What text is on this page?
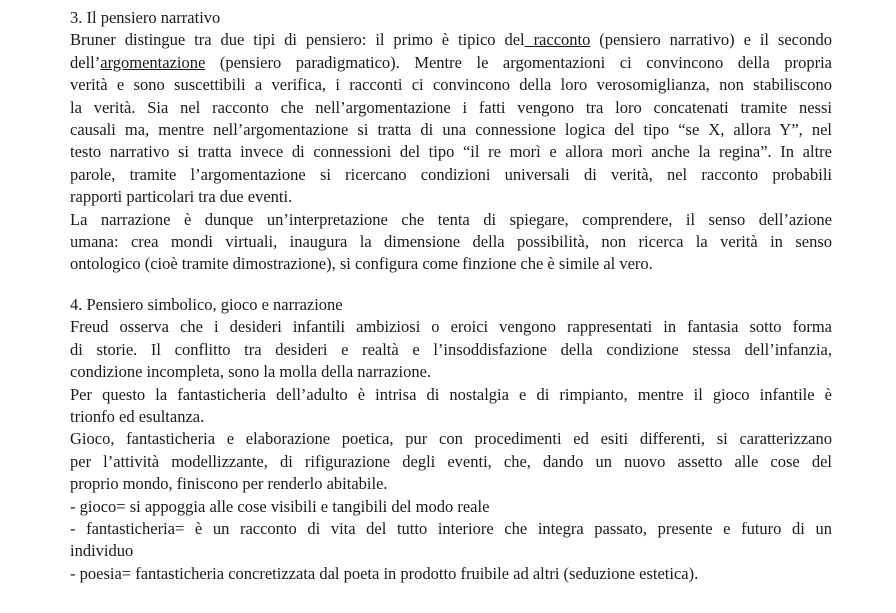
3. Il pensiero narrativo
Bruner distingue tra due tipi di pensiero: il primo è tipico del racconto (pensiero narrativo) e il secondo
dell’argomentazione (pensiero paradigmatico). Mentre le argomentazioni ci convincono della propria
verità e sono suscettibili a verifica, i racconti ci convincono della loro verosomiglianza, non stabiliscono
la verità. Sia nel racconto che nell’argomentazione i fatti vengono tra loro concatenati tramite nessi
causali ma, mentre nell’argomentazione si tratta di una connessione logica del tipo “se X, allora Y”, nel
testo narrativo si tratta invece di connessioni del tipo “il re morì e allora morì anche la regina”. In altre
parole, tramite l’argomentazione si ricercano condizioni universali di verità, nel racconto probabili
rapporti particolari tra due eventi.
La narrazione è dunque un’interpretazione che tenta di spiegare, comprendere, il senso dell’azione
umana: crea mondi virtuali, inaugura la dimensione della possibilità, non ricerca la verità in senso
ontologico (cioè tramite dimostrazione), si configura come finzione che è simile al vero.
4. Pensiero simbolico, gioco e narrazione
Freud osserva che i desideri infantili ambiziosi o eroici vengono rappresentati in fantasia sotto forma
di storie. Il conflitto tra desideri e realtà e l’insoddisfazione della condizione stessa dell’infanzia,
condizione incompleta, sono la molla della narrazione.
Per questo la fantasticheria dell’adulto è intrisa di nostalgia e di rimpianto, mentre il gioco infantile è
trionfo ed esultanza.
Gioco, fantasticheria e elaborazione poetica, pur con procedimenti ed esiti differenti, si caratterizzano
per l’attività modellizzante, di rifigurazione degli eventi, che, dando un nuovo assetto alle cose del
proprio mondo, finiscono per renderlo abitabile.
- gioco= si appoggia alle cose visibili e tangibili del modo reale
- fantasticheria= è un racconto di vita del tutto interiore che integra passato, presente e futuro di un
individuo
- poesia= fantasticheria concretizzata dal poeta in prodotto fruibile ad altri (seduzione estetica).
